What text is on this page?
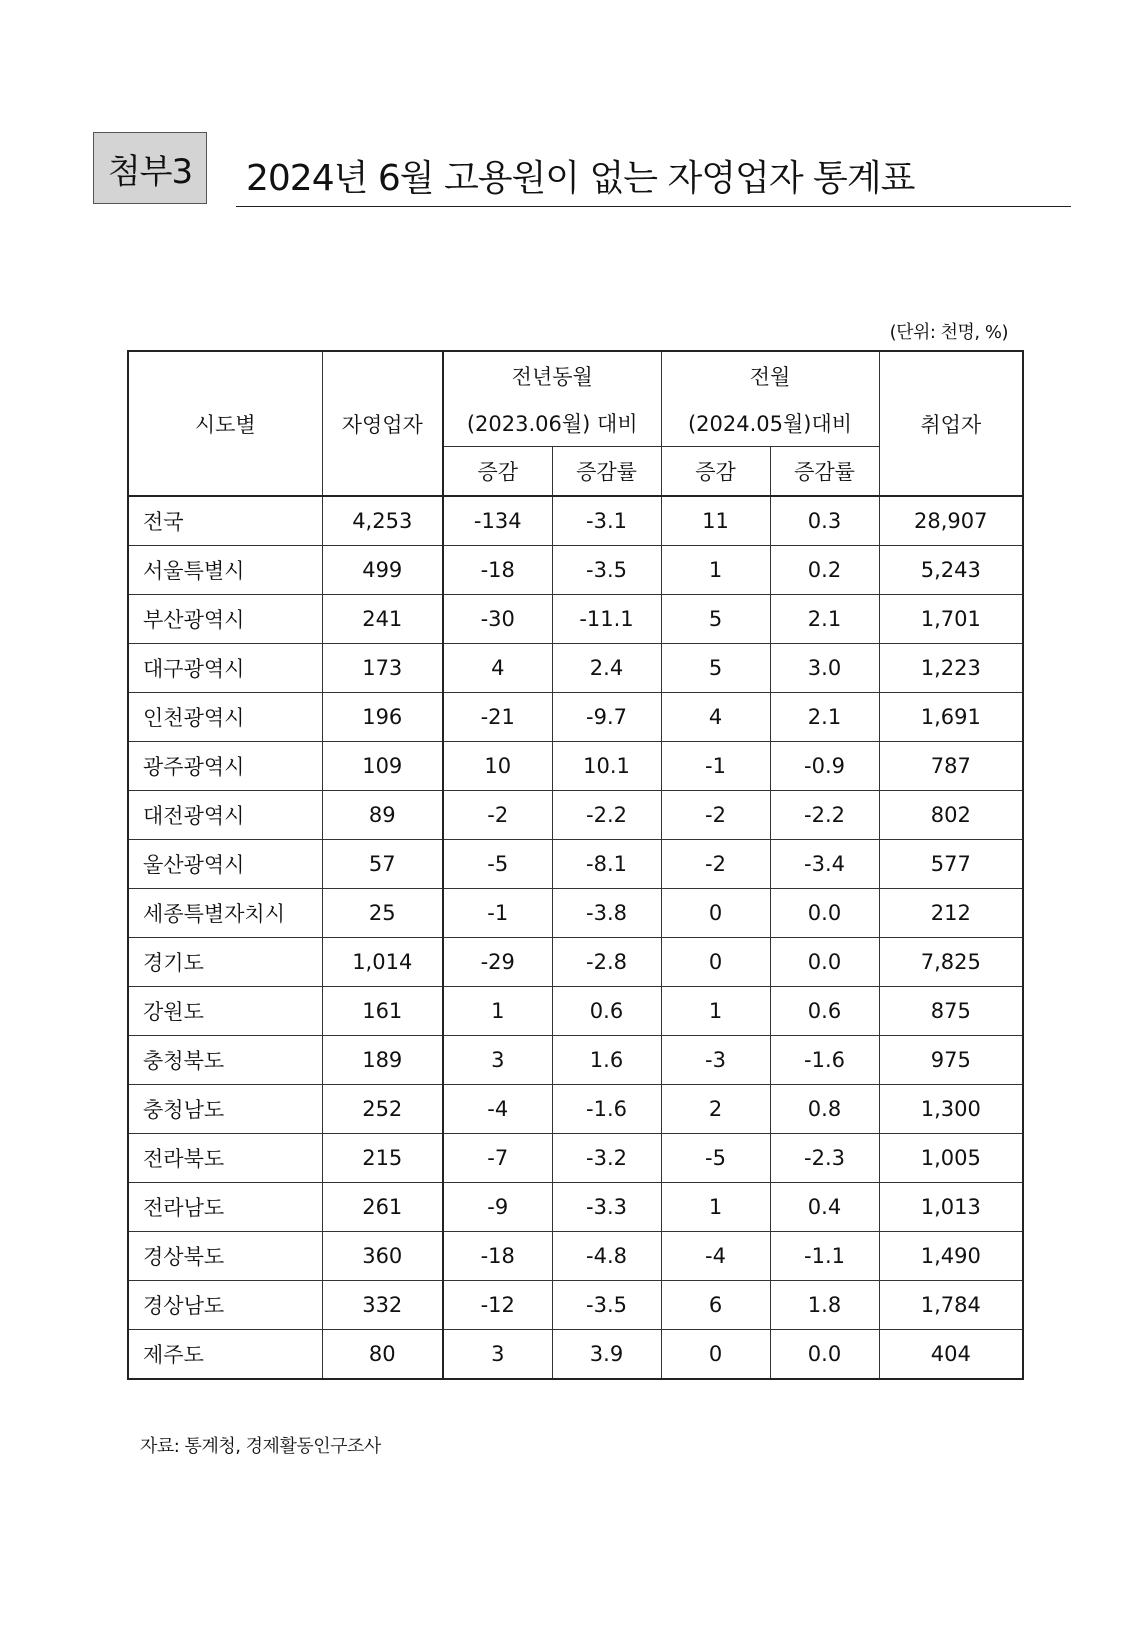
첨부3	2024년 6월 고용원이 없는 자영업자 통계표
(단위: 천명, %)
시도별	자영업자	전년동월		전월		취업자
		(2023.06월) 대비		(2024.05월)대비		
		증감	증감률	증감	증감률	
전국	4,253	-134	-3.1	11	0.3	28,907
서울특별시	499	-18	-3.5	1	0.2	5,243
부산광역시	241	-30	-11.1	5	2.1	1,701
대구광역시	173	4	2.4	5	3.0	1,223
인천광역시	196	-21	-9.7	4	2.1	1,691
광주광역시	109	10	10.1	-1	-0.9	787
대전광역시	89	-2	-2.2	-2	-2.2	802
울산광역시	57	-5	-8.1	-2	-3.4	577
세종특별자치시	25	-1	-3.8	0	0.0	212
경기도	1,014	-29	-2.8	0	0.0	7,825
강원도	161	1	0.6	1	0.6	875
충청북도	189	3	1.6	-3	-1.6	975
충청남도	252	-4	-1.6	2	0.8	1,300
전라북도	215	-7	-3.2	-5	-2.3	1,005
전라남도	261	-9	-3.3	1	0.4	1,013
경상북도	360	-18	-4.8	-4	-1.1	1,490
경상남도	332	-12	-3.5	6	1.8	1,784
제주도	80	3	3.9	0	0.0	404
자료: 통계청, 경제활동인구조사
